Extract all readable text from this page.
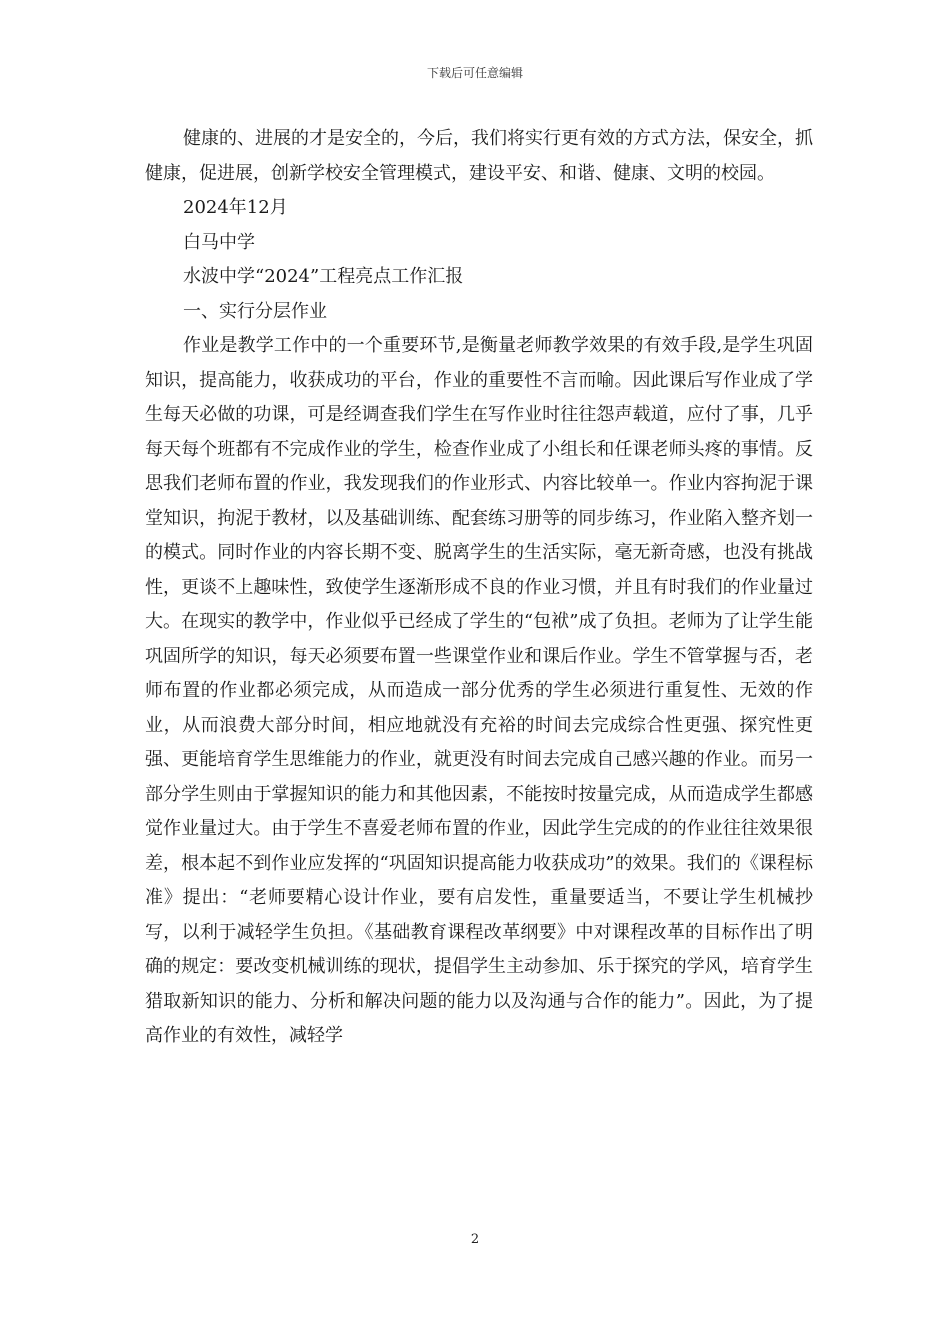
下载后可任意编辑

健康的、进展的才是安全的，今后，我们将实行更有效的方式方法，保安全，抓健康，促进展，创新学校安全管理模式，建设平安、和谐、健康、文明的校园。

2024年12月

白马中学

水波中学“2024”工程亮点工作汇报

一、实行分层作业

作业是教学工作中的一个重要环节,是衡量老师教学效果的有效手段,是学生巩固知识，提高能力，收获成功的平台，作业的重要性不言而喻。因此课后写作业成了学生每天必做的功课，可是经调查我们学生在写作业时往往怨声载道，应付了事，几乎每天每个班都有不完成作业的学生，检查作业成了小组长和任课老师头疼的事情。反思我们老师布置的作业，我发现我们的作业形式、内容比较单一。作业内容拘泥于课堂知识，拘泥于教材，以及基础训练、配套练习册等的同步练习，作业陷入整齐划一的模式。同时作业的内容长期不变、脱离学生的生活实际，毫无新奇感，也没有挑战性，更谈不上趣味性，致使学生逐渐形成不良的作业习惯，并且有时我们的作业量过大。在现实的教学中，作业似乎已经成了学生的“包袱”成了负担。老师为了让学生能巩固所学的知识，每天必须要布置一些课堂作业和课后作业。学生不管掌握与否，老师布置的作业都必须完成，从而造成一部分优秀的学生必须进行重复性、无效的作业，从而浪费大部分时间，相应地就没有充裕的时间去完成综合性更强、探究性更强、更能培育学生思维能力的作业，就更没有时间去完成自己感兴趣的作业。而另一部分学生则由于掌握知识的能力和其他因素，不能按时按量完成，从而造成学生都感觉作业量过大。由于学生不喜爱老师布置的作业，因此学生完成的的作业往往效果很差，根本起不到作业应发挥的“巩固知识提高能力收获成功”的效果。我们的《课程标准》提出：“老师要精心设计作业，要有启发性，重量要适当，不要让学生机械抄写，以利于减轻学生负担。《基础教育课程改革纲要》中对课程改革的目标作出了明确的规定：要改变机械训练的现状，提倡学生主动参加、乐于探究的学风，培育学生猎取新知识的能力、分析和解决问题的能力以及沟通与合作的能力”。因此，为了提高作业的有效性，减轻学

2
